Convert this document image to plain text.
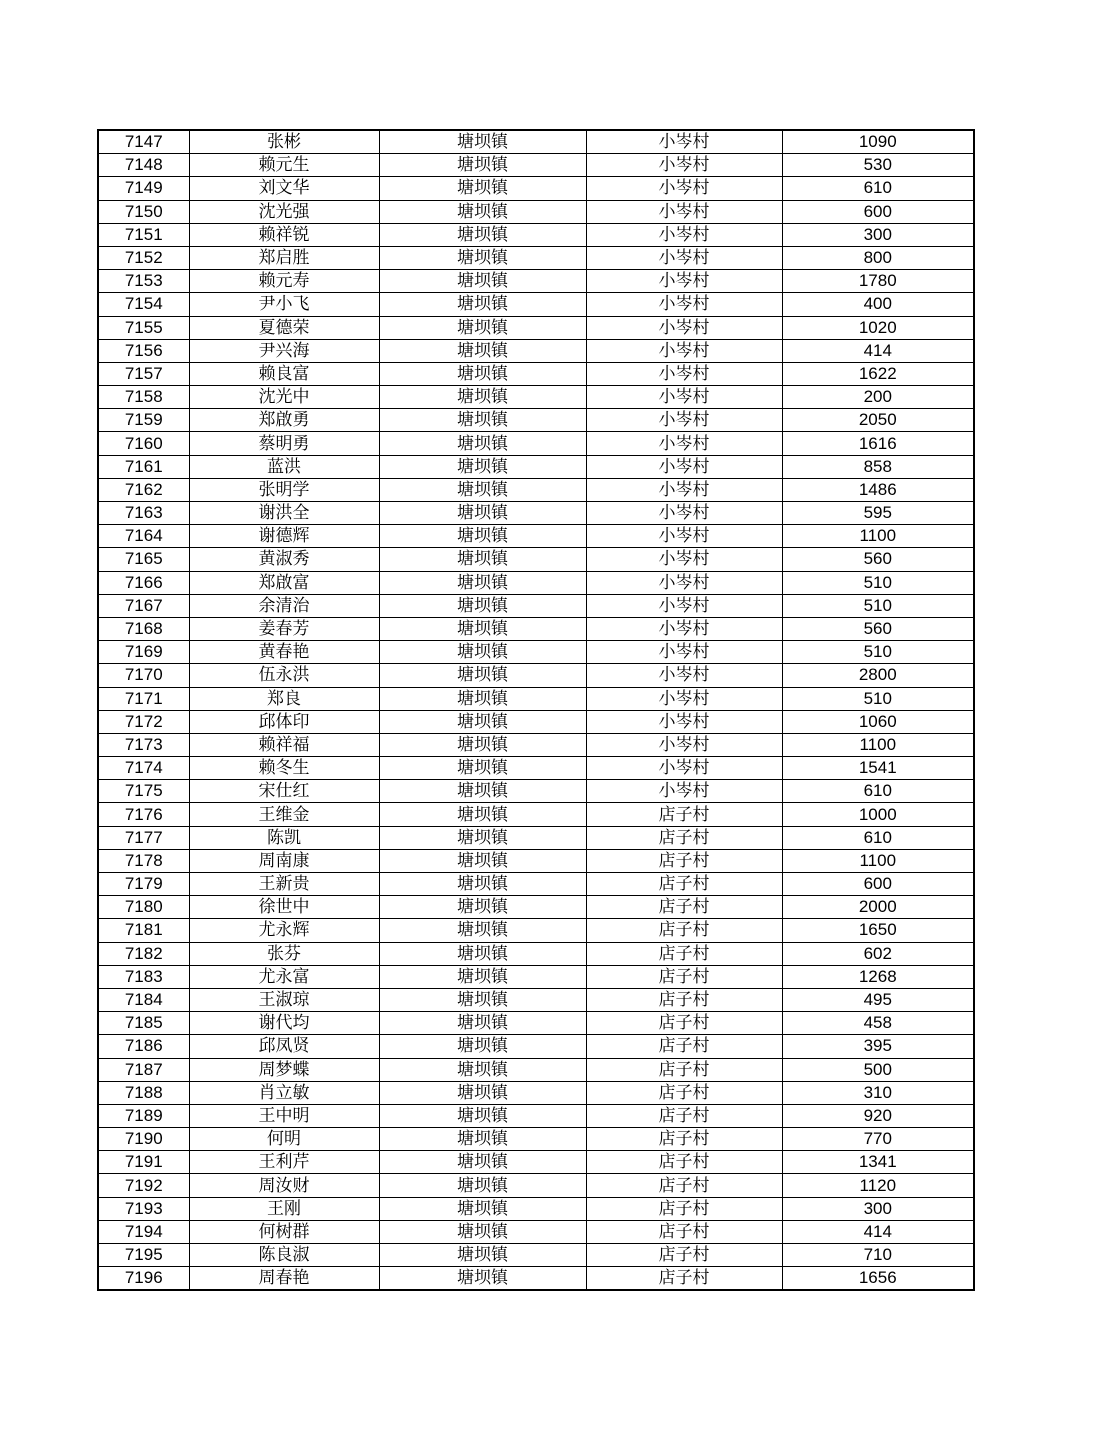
7147	张彬	塘坝镇	小岑村	1090
7148	赖元生	塘坝镇	小岑村	530
7149	刘文华	塘坝镇	小岑村	610
7150	沈光强	塘坝镇	小岑村	600
7151	赖祥锐	塘坝镇	小岑村	300
7152	郑启胜	塘坝镇	小岑村	800
7153	赖元寿	塘坝镇	小岑村	1780
7154	尹小飞	塘坝镇	小岑村	400
7155	夏德荣	塘坝镇	小岑村	1020
7156	尹兴海	塘坝镇	小岑村	414
7157	赖良富	塘坝镇	小岑村	1622
7158	沈光中	塘坝镇	小岑村	200
7159	郑啟勇	塘坝镇	小岑村	2050
7160	蔡明勇	塘坝镇	小岑村	1616
7161	蓝洪	塘坝镇	小岑村	858
7162	张明学	塘坝镇	小岑村	1486
7163	谢洪全	塘坝镇	小岑村	595
7164	谢德辉	塘坝镇	小岑村	1100
7165	黄淑秀	塘坝镇	小岑村	560
7166	郑啟富	塘坝镇	小岑村	510
7167	余清治	塘坝镇	小岑村	510
7168	姜春芳	塘坝镇	小岑村	560
7169	黄春艳	塘坝镇	小岑村	510
7170	伍永洪	塘坝镇	小岑村	2800
7171	郑良	塘坝镇	小岑村	510
7172	邱体印	塘坝镇	小岑村	1060
7173	赖祥福	塘坝镇	小岑村	1100
7174	赖冬生	塘坝镇	小岑村	1541
7175	宋仕红	塘坝镇	小岑村	610
7176	王维金	塘坝镇	店子村	1000
7177	陈凯	塘坝镇	店子村	610
7178	周南康	塘坝镇	店子村	1100
7179	王新贵	塘坝镇	店子村	600
7180	徐世中	塘坝镇	店子村	2000
7181	尤永辉	塘坝镇	店子村	1650
7182	张芬	塘坝镇	店子村	602
7183	尤永富	塘坝镇	店子村	1268
7184	王淑琼	塘坝镇	店子村	495
7185	谢代均	塘坝镇	店子村	458
7186	邱凤贤	塘坝镇	店子村	395
7187	周梦蝶	塘坝镇	店子村	500
7188	肖立敏	塘坝镇	店子村	310
7189	王中明	塘坝镇	店子村	920
7190	何明	塘坝镇	店子村	770
7191	王利芹	塘坝镇	店子村	1341
7192	周汝财	塘坝镇	店子村	1120
7193	王刚	塘坝镇	店子村	300
7194	何树群	塘坝镇	店子村	414
7195	陈良淑	塘坝镇	店子村	710
7196	周春艳	塘坝镇	店子村	1656
